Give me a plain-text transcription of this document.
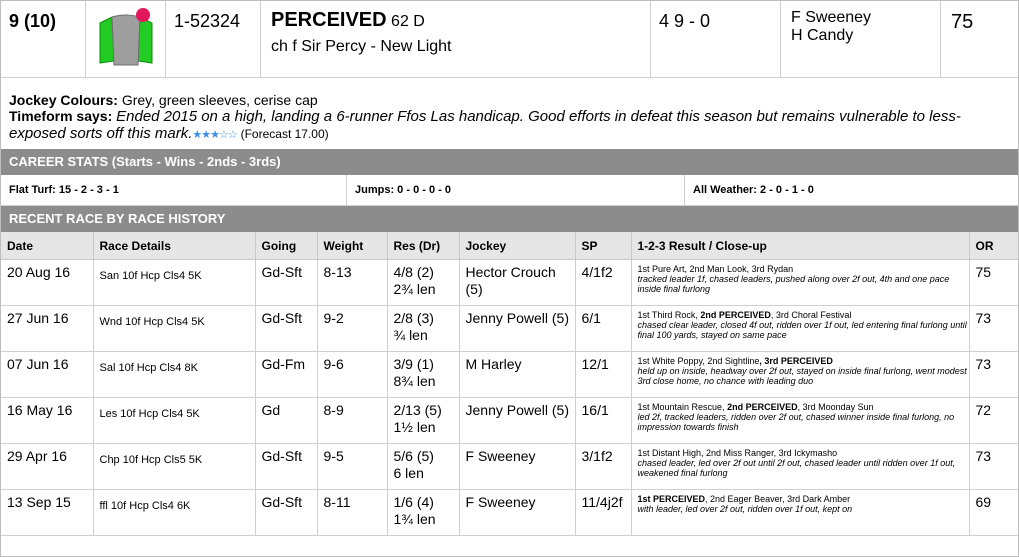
9 (10)	1-52324	PERCEIVED 62 D
ch f Sir Percy - New Light
4 9 - 0	F Sweeney
H Candy
75
Jockey Colours: Grey, green sleeves, cerise cap
Timeform says: Ended 2015 on a high, landing a 6-runner Ffos Las handicap. Good efforts in defeat this season but remains vulnerable to less-exposed sorts off this mark.★★★☆☆ (Forecast 17.00)
CAREER STATS (Starts - Wins - 2nds - 3rds)
Flat Turf: 15 - 2 - 3 - 1	Jumps: 0 - 0 - 0 - 0	All Weather: 2 - 0 - 1 - 0
RECENT RACE BY RACE HISTORY
Date	Race Details	Going	Weight	Res (Dr)	Jockey	SP	1-2-3 Result / Close-up	OR
20 Aug 16	San 10f Hcp Cls4 5K	Gd-Sft	8-13	4/8 (2)
2¾ len	Hector Crouch (5)	4/1f2	1st Pure Art, 2nd Man Look, 3rd Rydan
tracked leader 1f, chased leaders, pushed along over 2f out, 4th and one pace inside final furlong	75
27 Jun 16	Wnd 10f Hcp Cls4 5K	Gd-Sft	9-2	2/8 (3)
¾ len	Jenny Powell (5)	6/1	1st Third Rock, 2nd PERCEIVED, 3rd Choral Festival
chased clear leader, closed 4f out, ridden over 1f out, led entering final furlong until final 100 yards, stayed on same pace	73
07 Jun 16	Sal 10f Hcp Cls4 8K	Gd-Fm	9-6	3/9 (1)
8¾ len	M Harley	12/1	1st White Poppy, 2nd Sightline, 3rd PERCEIVED
held up on inside, headway over 2f out, stayed on inside final furlong, went modest 3rd close home, no chance with leading duo	73
16 May 16	Les 10f Hcp Cls4 5K	Gd	8-9	2/13 (5)
1½ len	Jenny Powell (5)	16/1	1st Mountain Rescue, 2nd PERCEIVED, 3rd Moonday Sun
led 2f, tracked leaders, ridden over 2f out, chased winner inside final furlong, no impression towards finish	72
29 Apr 16	Chp 10f Hcp Cls5 5K	Gd-Sft	9-5	5/6 (5)
6 len	F Sweeney	3/1f2	1st Distant High, 2nd Miss Ranger, 3rd Ickymasho
chased leader, led over 2f out until 2f out, chased leader until ridden over 1f out, weakened final furlong	73
13 Sep 15	ffl 10f Hcp Cls4 6K	Gd-Sft	8-11	1/6 (4)
1¾ len	F Sweeney	11/4j2f	1st PERCEIVED, 2nd Eager Beaver, 3rd Dark Amber
with leader, led over 2f out, ridden over 1f out, kept on	69
